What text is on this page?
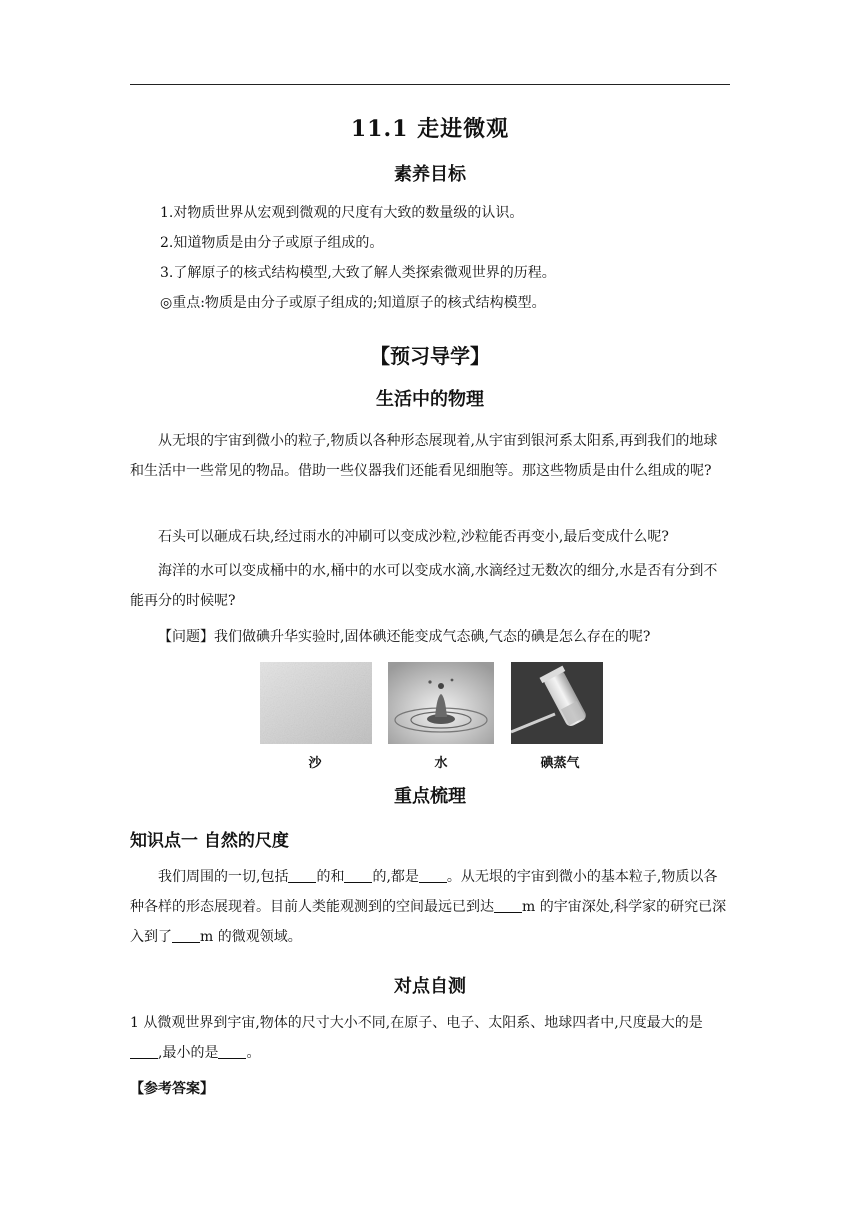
11.1 走进微观
素养目标
1.对物质世界从宏观到微观的尺度有大致的数量级的认识。
2.知道物质是由分子或原子组成的。
3.了解原子的核式结构模型,大致了解人类探索微观世界的历程。
◎重点:物质是由分子或原子组成的;知道原子的核式结构模型。
【预习导学】
生活中的物理
从无垠的宇宙到微小的粒子,物质以各种形态展现着,从宇宙到银河系太阳系,再到我们的地球和生活中一些常见的物品。借助一些仪器我们还能看见细胞等。那这些物质是由什么组成的呢?
石头可以砸成石块,经过雨水的冲刷可以变成沙粒,沙粒能否再变小,最后变成什么呢?
海洋的水可以变成桶中的水,桶中的水可以变成水滴,水滴经过无数次的细分,水是否有分到不能再分的时候呢?
【问题】我们做碘升华实验时,固体碘还能变成气态碘,气态的碘是怎么存在的呢?
沙	水	碘蒸气
重点梳理
知识点一 自然的尺度
我们周围的一切,包括 的和 的,都是 。从无垠的宇宙到微小的基本粒子,物质以各种各样的形态展现着。目前人类能观测到的空间最远已到达 m 的宇宙深处,科学家的研究已深入到了 m 的微观领域。
对点自测
1 从微观世界到宇宙,物体的尺寸大小不同,在原子、电子、太阳系、地球四者中,尺度最大的是,最小的是 。
【参考答案】
